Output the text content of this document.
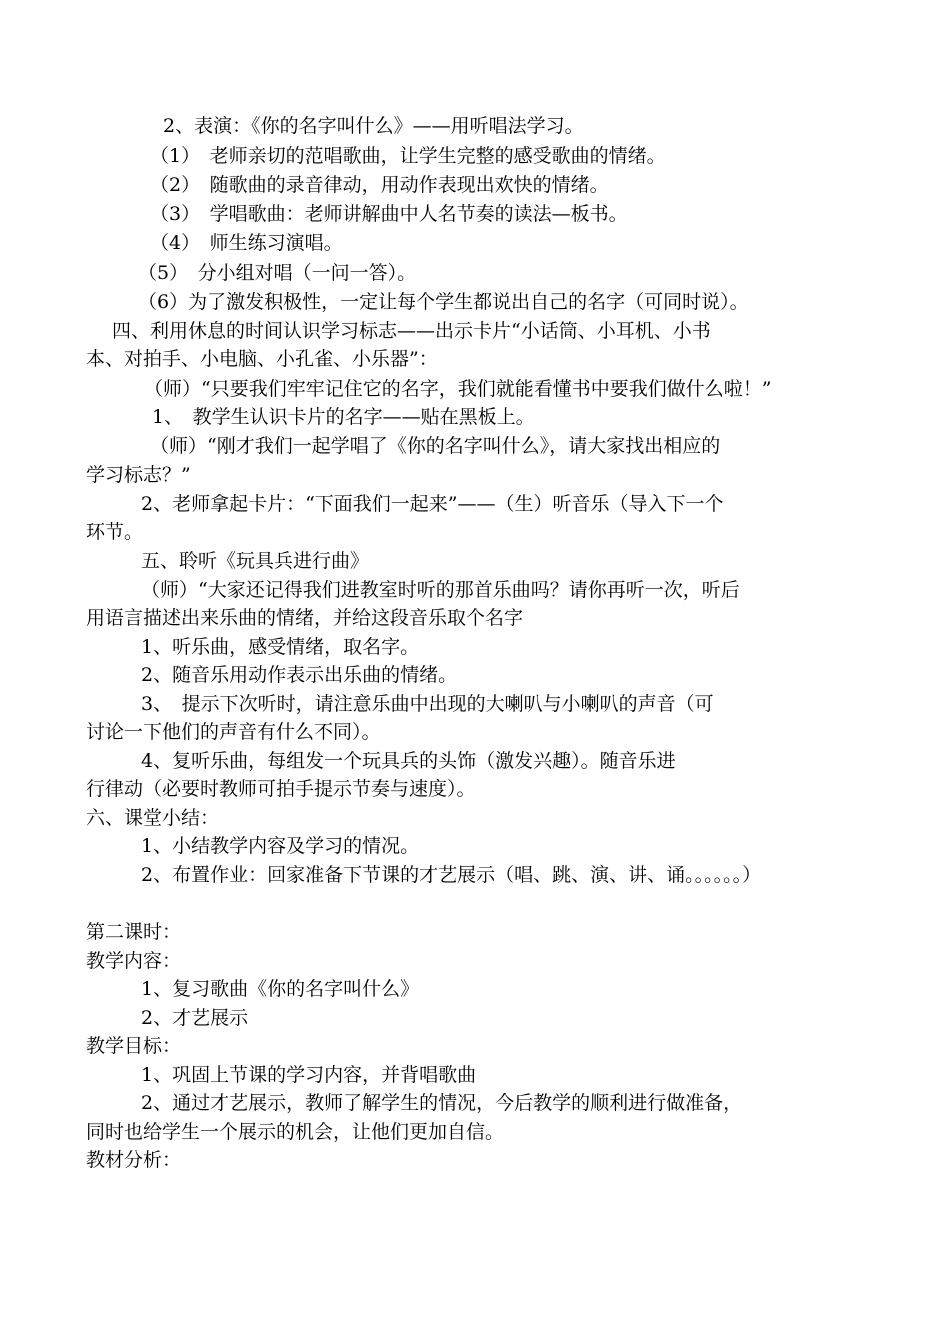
2、表演：《你的名字叫什么》——用听唱法学习。

（1）　老师亲切的范唱歌曲，让学生完整的感受歌曲的情绪。

（2）　随歌曲的录音律动，用动作表现出欢快的情绪。

（3）　学唱歌曲：老师讲解曲中人名节奏的读法—板书。

（4）　师生练习演唱。

（5）　分小组对唱（一问一答）。

（6）为了激发积极性，一定让每个学生都说出自己的名字（可同时说）。

四、利用休息的时间认识学习标志——出示卡片“小话筒、小耳机、小书

本、对拍手、小电脑、小孔雀、小乐器”：

（师）“只要我们牢牢记住它的名字，我们就能看懂书中要我们做什么啦！”

1、　教学生认识卡片的名字——贴在黑板上。

（师）“刚才我们一起学唱了《你的名字叫什么》，请大家找出相应的

学习标志？”

2、老师拿起卡片：“下面我们一起来”——（生）听音乐（导入下一个

环节。

五、聆听《玩具兵进行曲》

（师）“大家还记得我们进教室时听的那首乐曲吗？请你再听一次，听后

用语言描述出来乐曲的情绪，并给这段音乐取个名字

1、听乐曲，感受情绪，取名字。

2、随音乐用动作表示出乐曲的情绪。

3、　提示下次听时，请注意乐曲中出现的大喇叭与小喇叭的声音（可

讨论一下他们的声音有什么不同）。

4、复听乐曲，每组发一个玩具兵的头饰（激发兴趣）。随音乐进

行律动（必要时教师可拍手提示节奏与速度）。

六、课堂小结：

1、小结教学内容及学习的情况。

2、布置作业：回家准备下节课的才艺展示（唱、跳、演、讲、诵。。。。。。）

第二课时：

教学内容：

1、复习歌曲《你的名字叫什么》

2、才艺展示

教学目标：

1、巩固上节课的学习内容，并背唱歌曲

2、通过才艺展示，教师了解学生的情况，今后教学的顺利进行做准备，

同时也给学生一个展示的机会，让他们更加自信。

教材分析：
